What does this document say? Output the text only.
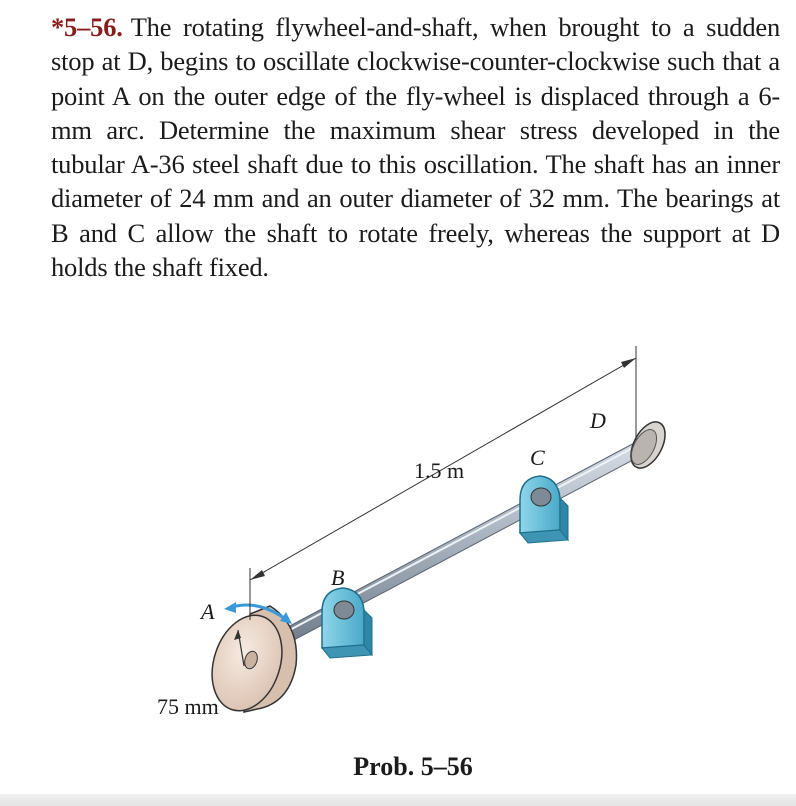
*5–56. The rotating flywheel-and-shaft, when brought to a sudden stop at D, begins to oscillate clockwise-counter-clockwise such that a point A on the outer edge of the fly-wheel is displaced through a 6-mm arc. Determine the maximum shear stress developed in the tubular A-36 steel shaft due to this oscillation. The shaft has an inner diameter of 24 mm and an outer diameter of 32 mm. The bearings at B and C allow the shaft to rotate freely, whereas the support at D holds the shaft fixed.
A
B
C
D
1.5 m
75 mm
Prob. 5–56
